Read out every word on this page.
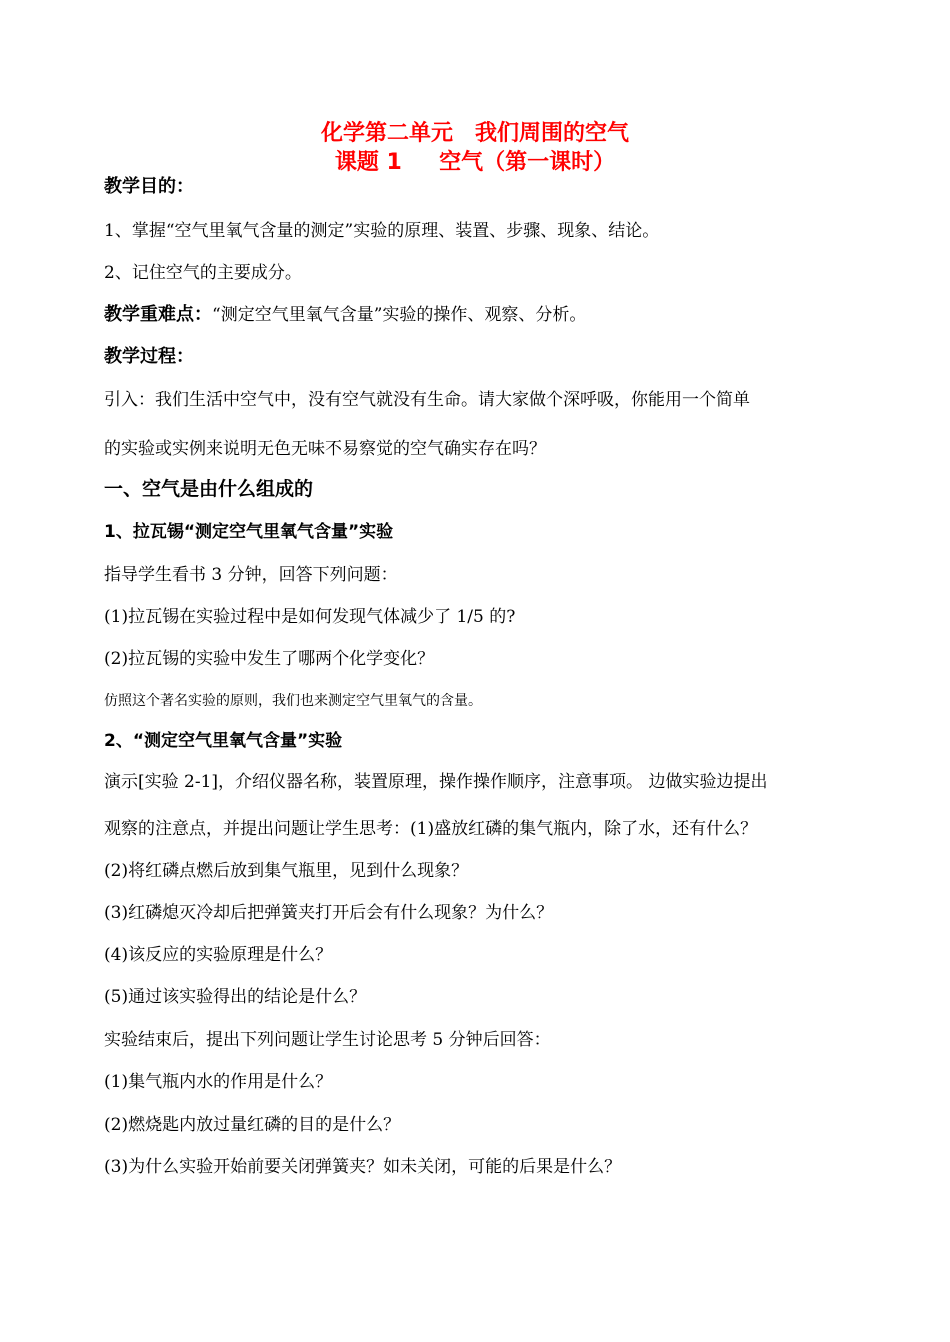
化学第二单元　我们周围的空气
课题 1　  空气（第一课时）
教学目的：
1、掌握“空气里氧气含量的测定”实验的原理、装置、步骤、现象、结论。
2、记住空气的主要成分。
教学重难点：“测定空气里氧气含量”实验的操作、观察、分析。
教学过程：
引入：我们生活中空气中，没有空气就没有生命。请大家做个深呼吸，你能用一个简单
的实验或实例来说明无色无味不易察觉的空气确实存在吗？
一、空气是由什么组成的
1、拉瓦锡“测定空气里氧气含量”实验
指导学生看书 3 分钟，回答下列问题：
(1)拉瓦锡在实验过程中是如何发现气体减少了 1/5 的?
(2)拉瓦锡的实验中发生了哪两个化学变化？
仿照这个著名实验的原则，我们也来测定空气里氧气的含量。
2、“测定空气里氧气含量”实验
演示[实验 2-1]，介绍仪器名称，装置原理，操作操作顺序，注意事项。 边做实验边提出
观察的注意点，并提出问题让学生思考：(1)盛放红磷的集气瓶内，除了水，还有什么？
(2)将红磷点燃后放到集气瓶里，见到什么现象？
(3)红磷熄灭冷却后把弹簧夹打开后会有什么现象？为什么？
(4)该反应的实验原理是什么？
(5)通过该实验得出的结论是什么？
实验结束后，提出下列问题让学生讨论思考 5 分钟后回答：
(1)集气瓶内水的作用是什么？
(2)燃烧匙内放过量红磷的目的是什么？
(3)为什么实验开始前要关闭弹簧夹？如未关闭，可能的后果是什么？
